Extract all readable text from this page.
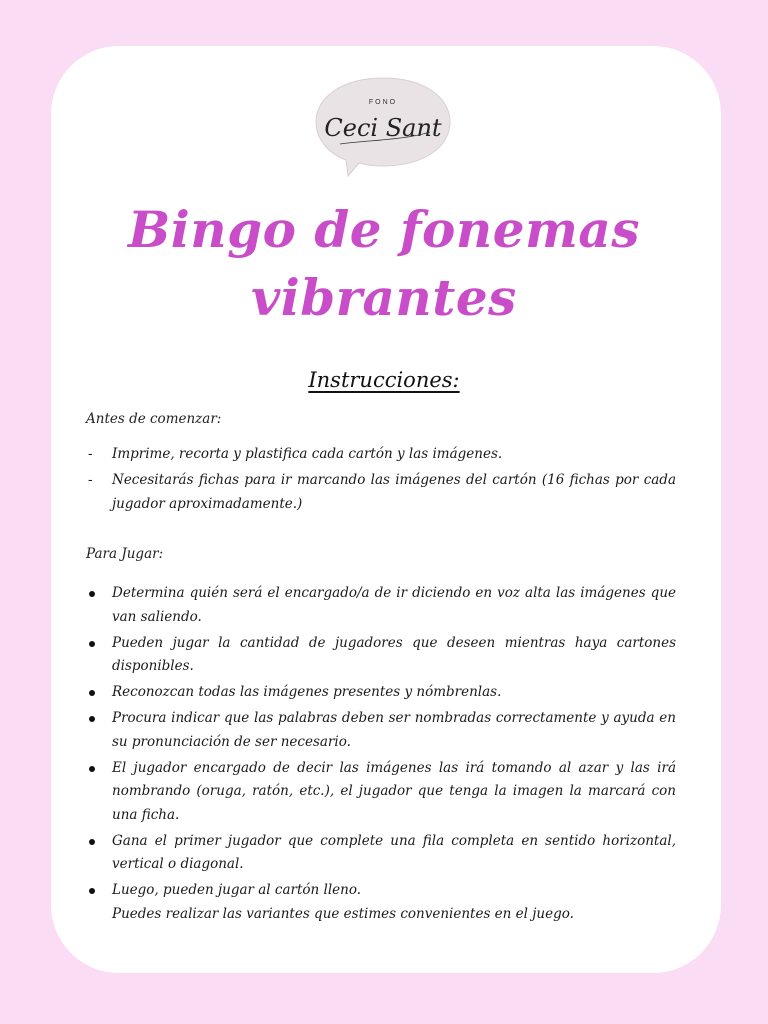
FONO
Ceci Sant
Bingo de fonemas
vibrantes
Instrucciones:
Antes de comenzar:
- Imprime, recorta y plastifica cada cartón y las imágenes.
- Necesitarás fichas para ir marcando las imágenes del cartón (16 fichas por cada jugador aproximadamente.)
Para Jugar:
Determina quién será el encargado/a de ir diciendo en voz alta las imágenes que van saliendo.
Pueden jugar la cantidad de jugadores que deseen mientras haya cartones disponibles.
Reconozcan todas las imágenes presentes y nómbrenlas.
Procura indicar que las palabras deben ser nombradas correctamente y ayuda en su pronunciación de ser necesario.
El jugador encargado de decir las imágenes las irá tomando al azar y las irá nombrando (oruga, ratón, etc.), el jugador que tenga la imagen la marcará con una ficha.
Gana el primer jugador que complete una fila completa en sentido horizontal, vertical o diagonal.
Luego, pueden jugar al cartón lleno.
Puedes realizar las variantes que estimes convenientes en el juego.
